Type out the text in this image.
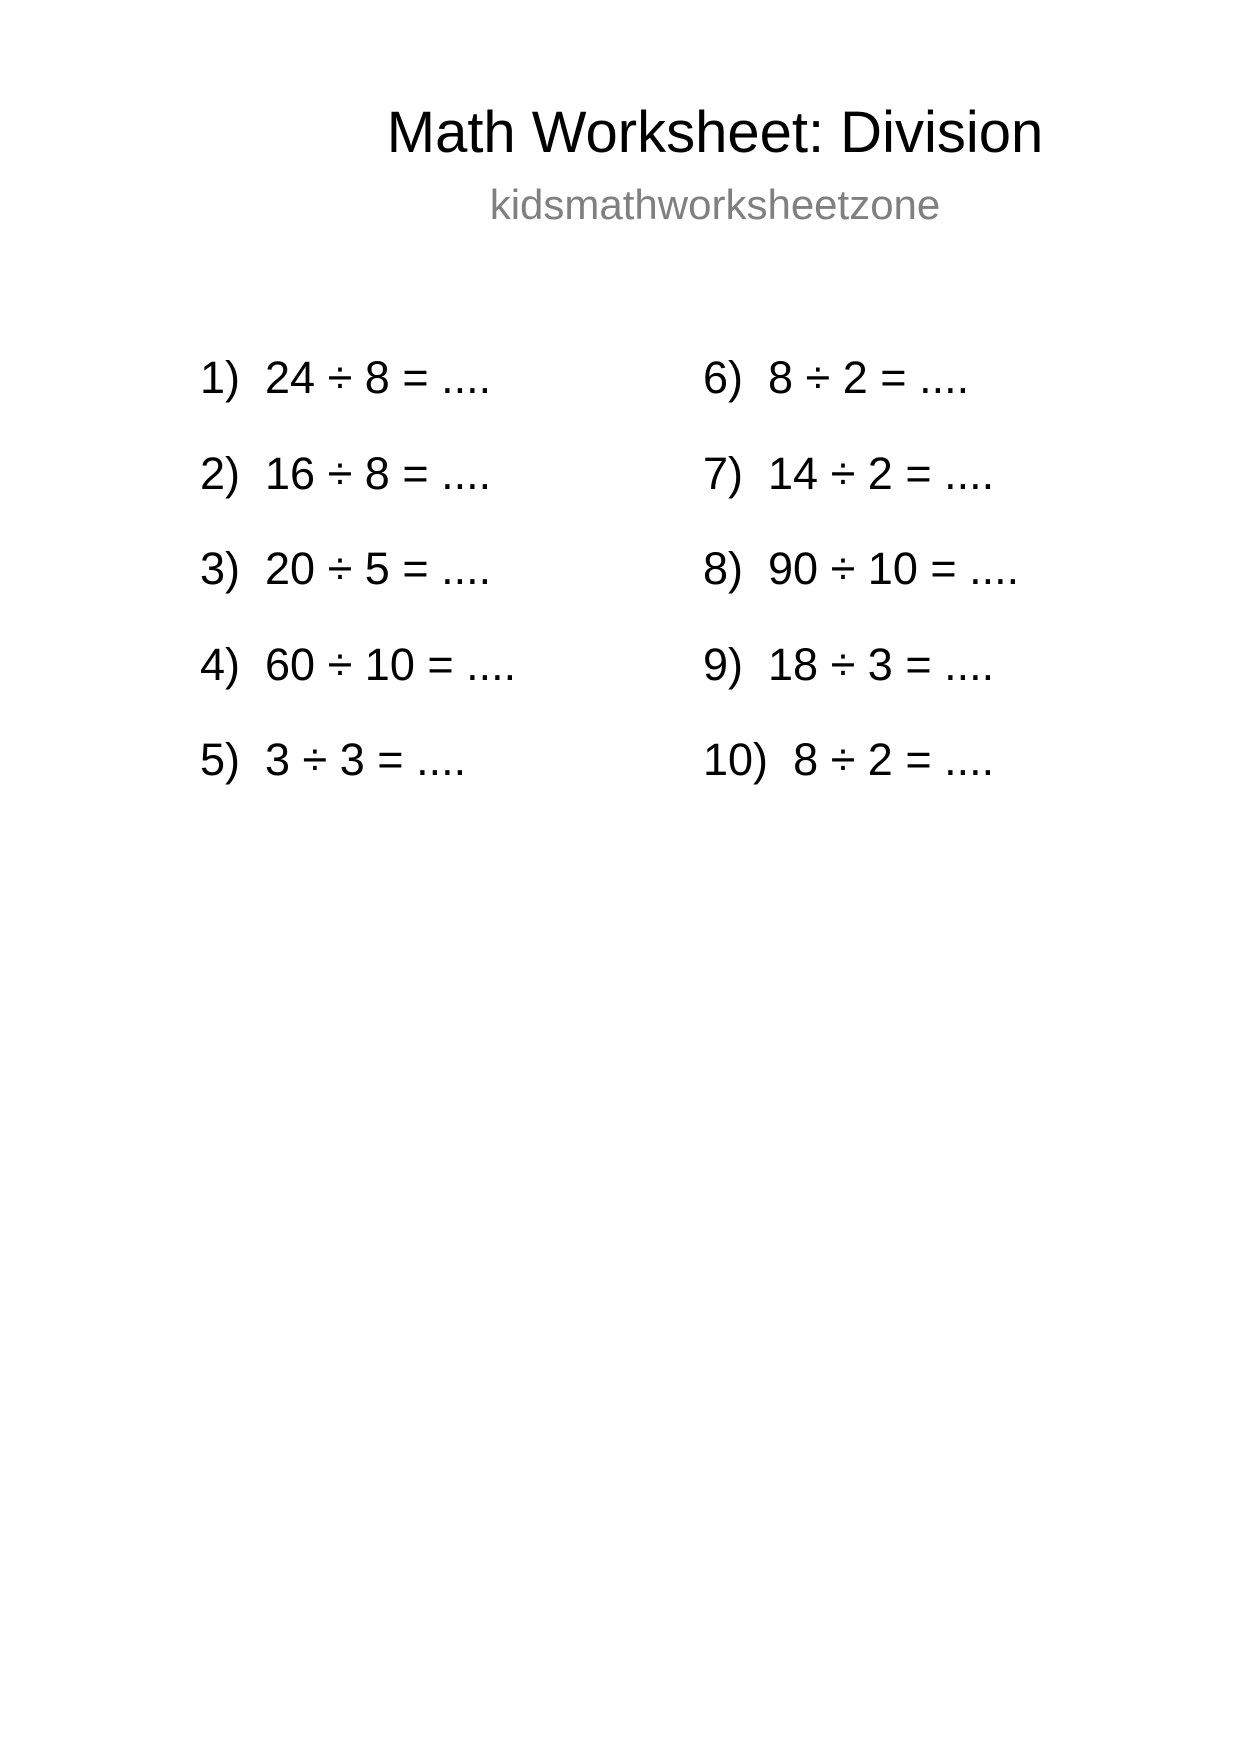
Math Worksheet: Division
kidsmathworksheetzone
1) 24 ÷ 8 = ....
2) 16 ÷ 8 = ....
3) 20 ÷ 5 = ....
4) 60 ÷ 10 = ....
5) 3 ÷ 3 = ....
6) 8 ÷ 2 = ....
7) 14 ÷ 2 = ....
8) 90 ÷ 10 = ....
9) 18 ÷ 3 = ....
10) 8 ÷ 2 = ....
